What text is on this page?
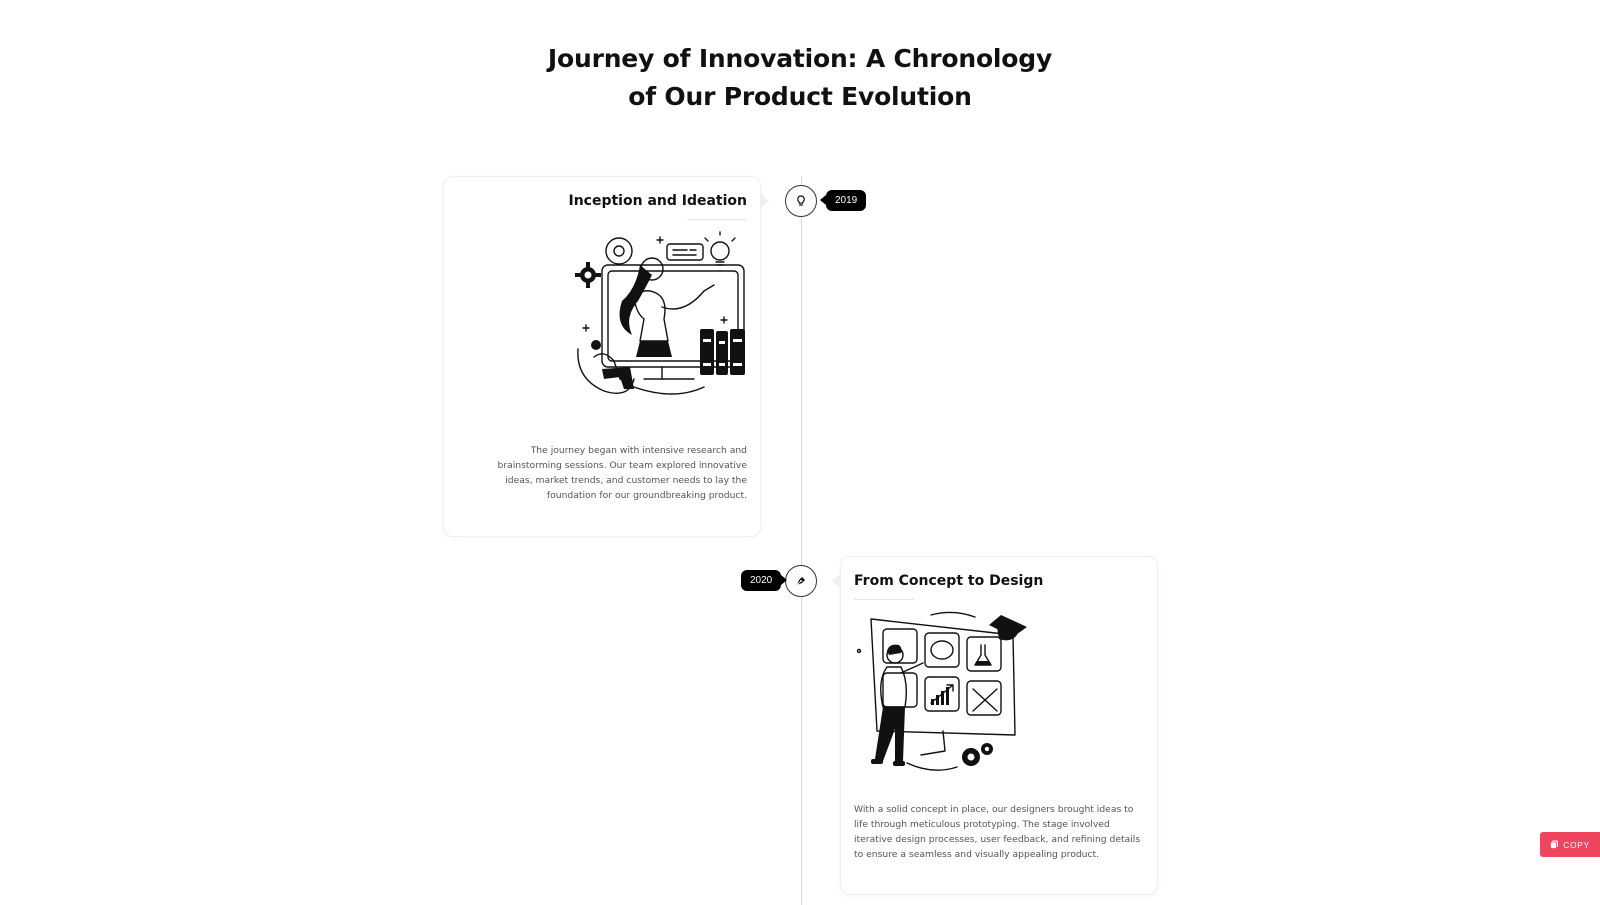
Journey of Innovation: A Chronology
of Our Product Evolution
Inception and Ideation
The journey began with intensive research and brainstorming sessions. Our team explored innovative ideas, market trends, and customer needs to lay the foundation for our groundbreaking product.
2019
From Concept to Design
With a solid concept in place, our designers brought ideas to life through meticulous prototyping. The stage involved iterative design processes, user feedback, and refining details to ensure a seamless and visually appealing product.
2020
COPY
